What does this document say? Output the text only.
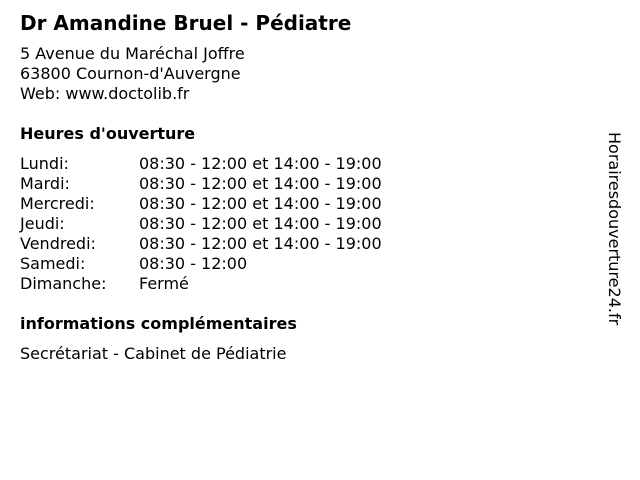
Dr Amandine Bruel - Pédiatre
5 Avenue du Maréchal Joffre
63800 Cournon-d'Auvergne
Web: www.doctolib.fr
Heures d'ouverture
Lundi:	08:30 - 12:00 et 14:00 - 19:00
Mardi:	08:30 - 12:00 et 14:00 - 19:00
Mercredi:	08:30 - 12:00 et 14:00 - 19:00
Jeudi:	08:30 - 12:00 et 14:00 - 19:00
Vendredi:	08:30 - 12:00 et 14:00 - 19:00
Samedi:	08:30 - 12:00
Dimanche:	Fermé
informations complémentaires
Secrétariat - Cabinet de Pédiatrie
Horairesdouverture24.fr
